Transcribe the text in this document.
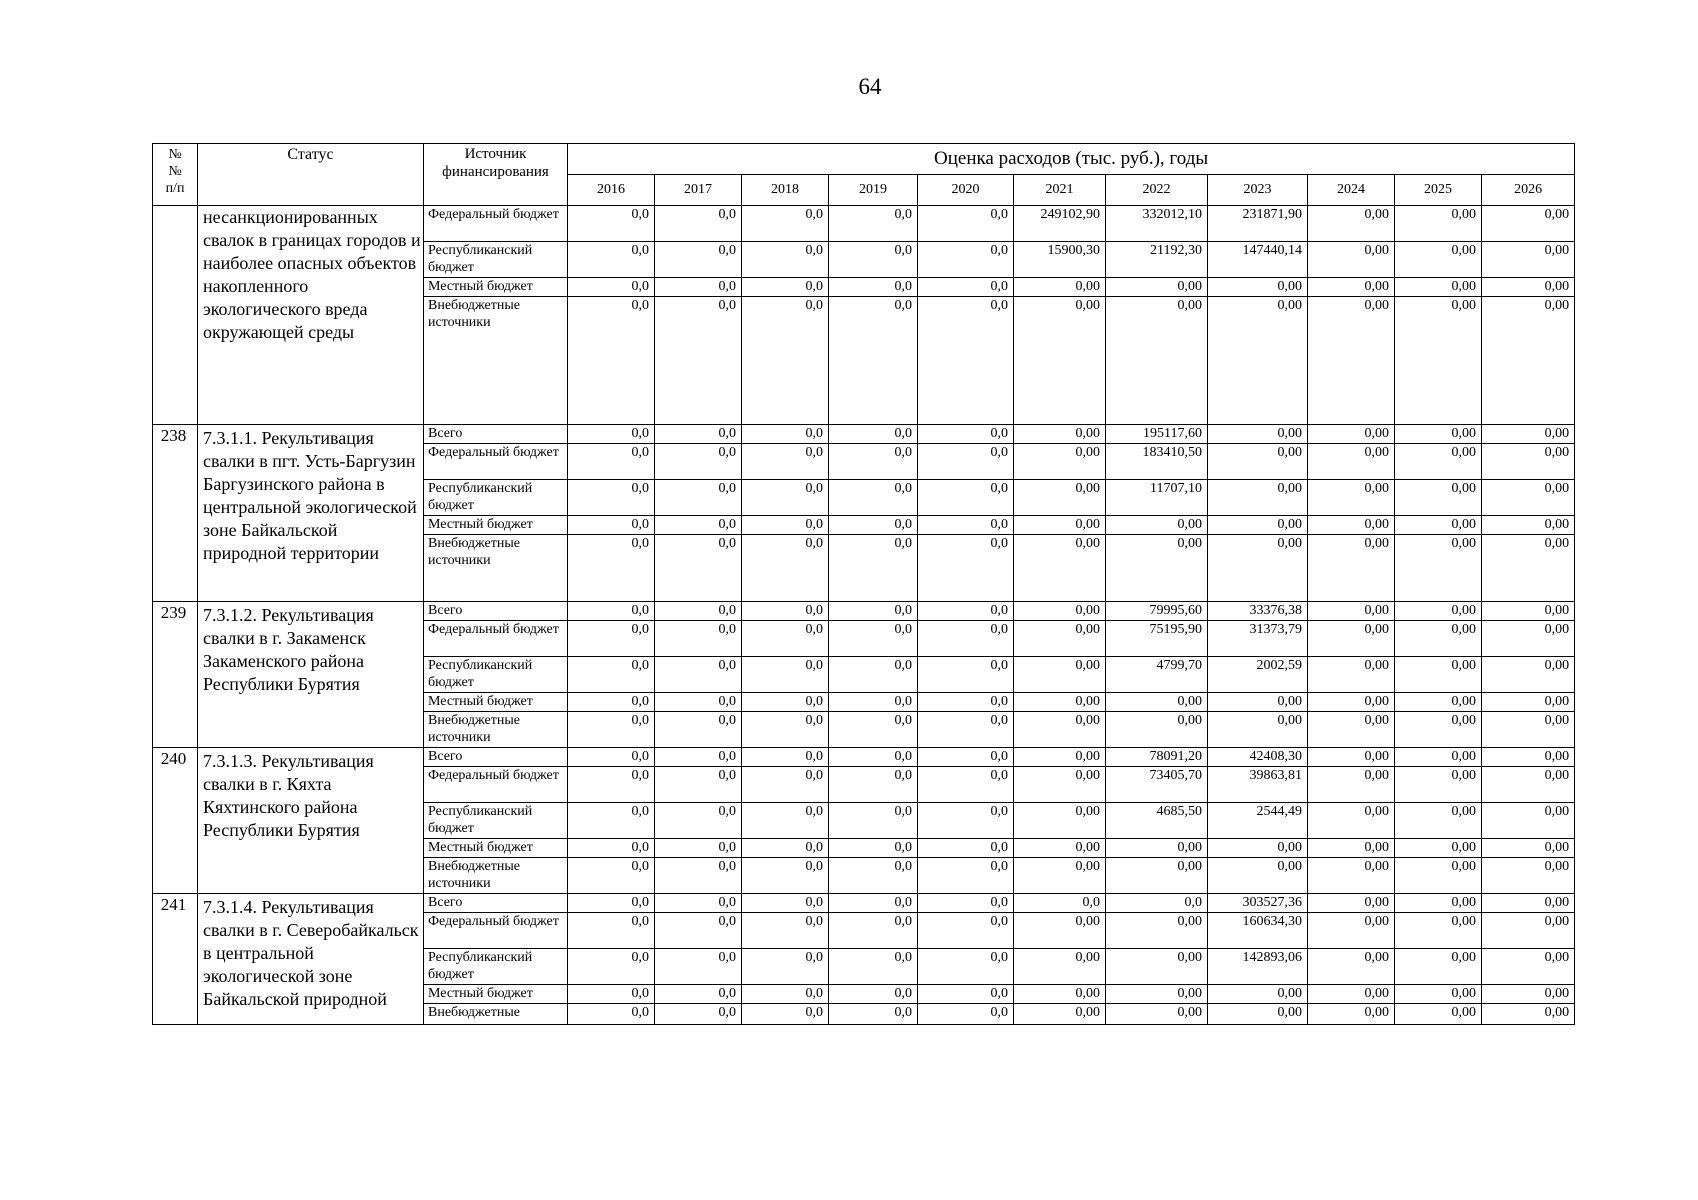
64
№
№
п/п	Статус	Источник финансирования	Оценка расходов (тыс. руб.), годы										
			2016	2017	2018	2019	2020	2021	2022	2023	2024	2025	2026
	несанкционированных свалок в границах городов и наиболее опасных объектов накопленного экологического вреда окружающей среды	Федеральный бюджет	0,0	0,0	0,0	0,0	0,0	249102,90	332012,10	231871,90	0,00	0,00	0,00
		Республиканский бюджет	0,0	0,0	0,0	0,0	0,0	15900,30	21192,30	147440,14	0,00	0,00	0,00
		Местный бюджет	0,0	0,0	0,0	0,0	0,0	0,00	0,00	0,00	0,00	0,00	0,00
		Внебюджетные источники	0,0	0,0	0,0	0,0	0,0	0,00	0,00	0,00	0,00	0,00	0,00
238	7.3.1.1. Рекультивация свалки в пгт. Усть-Баргузин Баргузинского района в центральной экологической зоне Байкальской природной территории	Всего	0,0	0,0	0,0	0,0	0,0	0,00	195117,60	0,00	0,00	0,00	0,00
		Федеральный бюджет	0,0	0,0	0,0	0,0	0,0	0,00	183410,50	0,00	0,00	0,00	0,00
		Республиканский бюджет	0,0	0,0	0,0	0,0	0,0	0,00	11707,10	0,00	0,00	0,00	0,00
		Местный бюджет	0,0	0,0	0,0	0,0	0,0	0,00	0,00	0,00	0,00	0,00	0,00
		Внебюджетные источники	0,0	0,0	0,0	0,0	0,0	0,00	0,00	0,00	0,00	0,00	0,00
239	7.3.1.2. Рекультивация свалки в г. Закаменск Закаменского района Республики Бурятия	Всего	0,0	0,0	0,0	0,0	0,0	0,00	79995,60	33376,38	0,00	0,00	0,00
		Федеральный бюджет	0,0	0,0	0,0	0,0	0,0	0,00	75195,90	31373,79	0,00	0,00	0,00
		Республиканский бюджет	0,0	0,0	0,0	0,0	0,0	0,00	4799,70	2002,59	0,00	0,00	0,00
		Местный бюджет	0,0	0,0	0,0	0,0	0,0	0,00	0,00	0,00	0,00	0,00	0,00
		Внебюджетные источники	0,0	0,0	0,0	0,0	0,0	0,00	0,00	0,00	0,00	0,00	0,00
240	7.3.1.3. Рекультивация свалки в г. Кяхта Кяхтинского района Республики Бурятия	Всего	0,0	0,0	0,0	0,0	0,0	0,00	78091,20	42408,30	0,00	0,00	0,00
		Федеральный бюджет	0,0	0,0	0,0	0,0	0,0	0,00	73405,70	39863,81	0,00	0,00	0,00
		Республиканский бюджет	0,0	0,0	0,0	0,0	0,0	0,00	4685,50	2544,49	0,00	0,00	0,00
		Местный бюджет	0,0	0,0	0,0	0,0	0,0	0,00	0,00	0,00	0,00	0,00	0,00
		Внебюджетные источники	0,0	0,0	0,0	0,0	0,0	0,00	0,00	0,00	0,00	0,00	0,00
241	7.3.1.4. Рекультивация свалки в г. Северобайкальск в центральной экологической зоне Байкальской природной	Всего	0,0	0,0	0,0	0,0	0,0	0,0	0,0	303527,36	0,00	0,00	0,00
		Федеральный бюджет	0,0	0,0	0,0	0,0	0,0	0,00	0,00	160634,30	0,00	0,00	0,00
		Республиканский бюджет	0,0	0,0	0,0	0,0	0,0	0,00	0,00	142893,06	0,00	0,00	0,00
		Местный бюджет	0,0	0,0	0,0	0,0	0,0	0,00	0,00	0,00	0,00	0,00	0,00
		Внебюджетные	0,0	0,0	0,0	0,0	0,0	0,00	0,00	0,00	0,00	0,00	0,00
